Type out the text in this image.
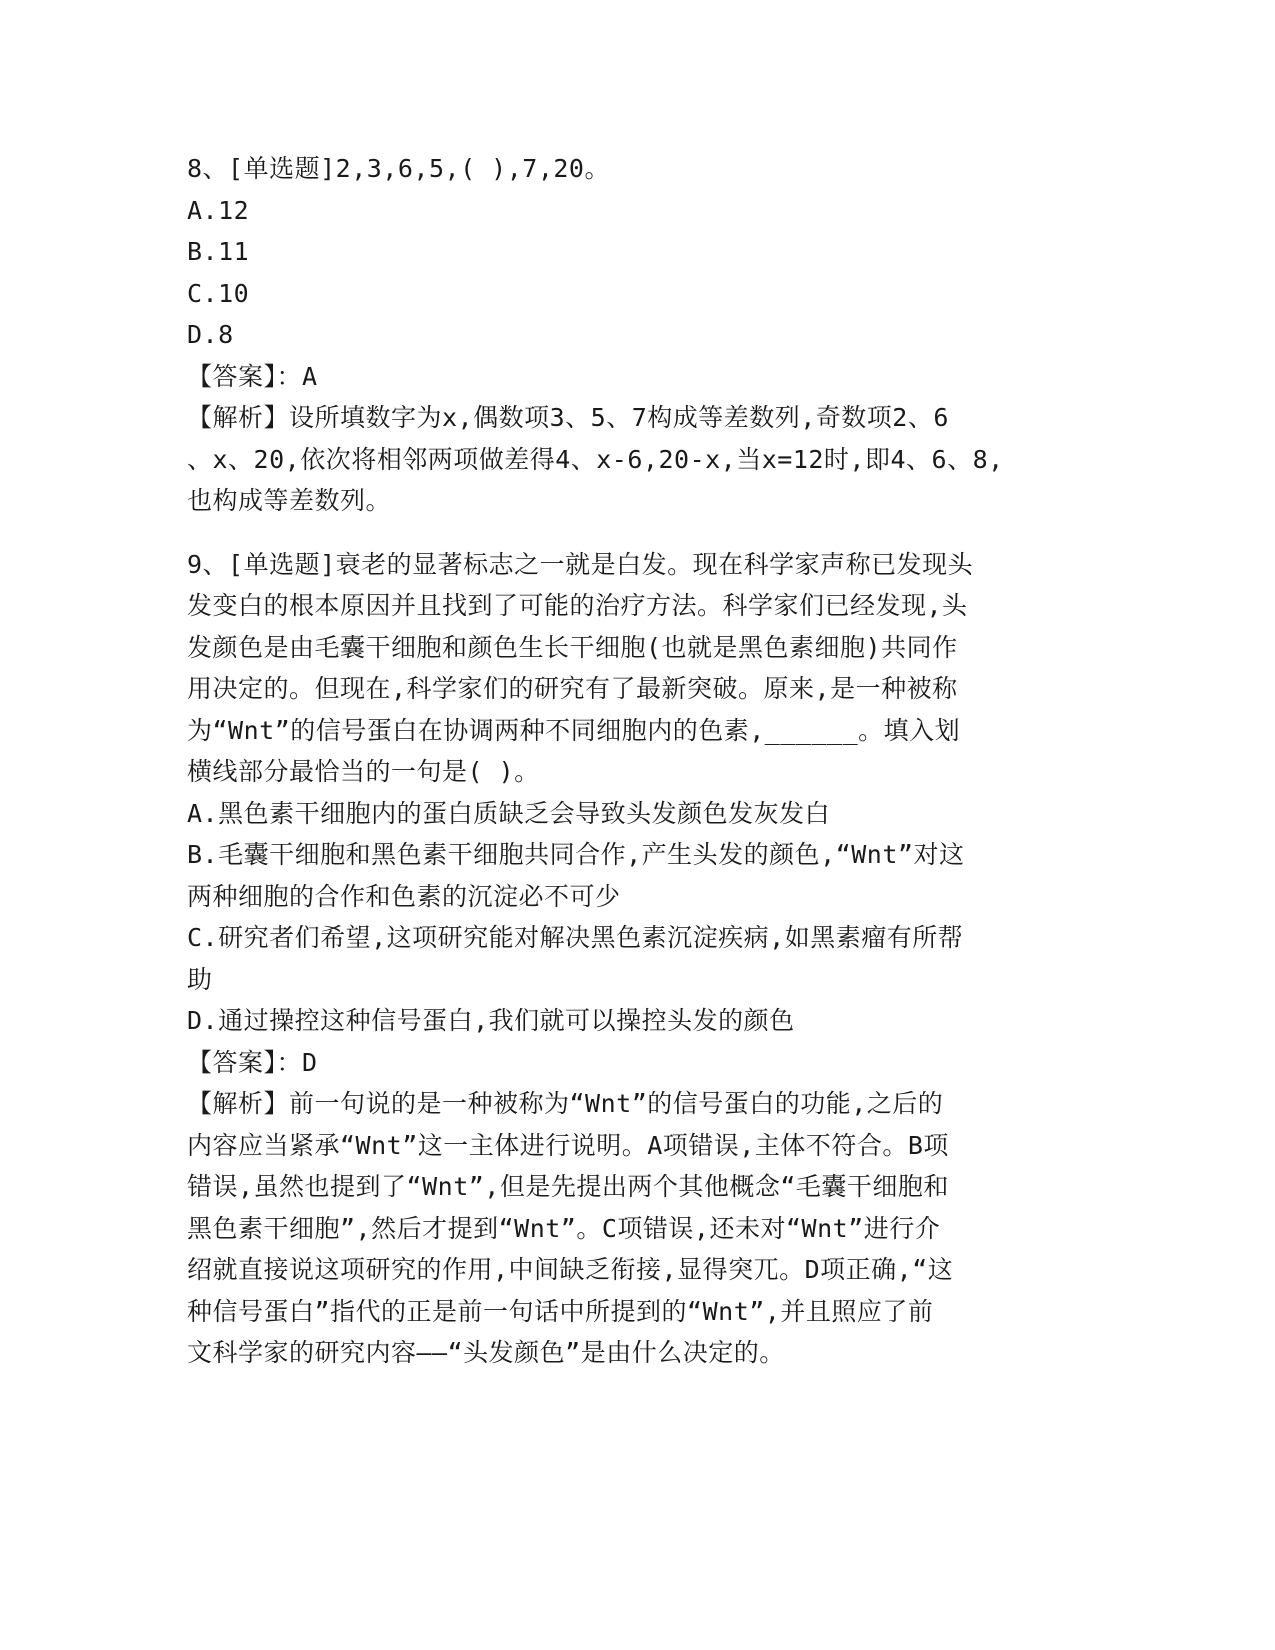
8、[单选题]2,3,6,5,( ),7,20。
A.12
B.11
C.10
D.8
【答案】：A
【解析】设所填数字为x,偶数项3、5、7构成等差数列,奇数项2、6
、x、20,依次将相邻两项做差得4、x-6,20-x,当x=12时,即4、6、8,
也构成等差数列。
9、[单选题]衰老的显著标志之一就是白发。现在科学家声称已发现头
发变白的根本原因并且找到了可能的治疗方法。科学家们已经发现,头
发颜色是由毛囊干细胞和颜色生长干细胞(也就是黑色素细胞)共同作
用决定的。但现在,科学家们的研究有了最新突破。原来,是一种被称
为“Wnt”的信号蛋白在协调两种不同细胞内的色素,______。填入划
横线部分最恰当的一句是( )。
A.黑色素干细胞内的蛋白质缺乏会导致头发颜色发灰发白
B.毛囊干细胞和黑色素干细胞共同合作,产生头发的颜色,“Wnt”对这
两种细胞的合作和色素的沉淀必不可少
C.研究者们希望,这项研究能对解决黑色素沉淀疾病,如黑素瘤有所帮
助
D.通过操控这种信号蛋白,我们就可以操控头发的颜色
【答案】：D
【解析】前一句说的是一种被称为“Wnt”的信号蛋白的功能,之后的
内容应当紧承“Wnt”这一主体进行说明。A项错误,主体不符合。B项
错误,虽然也提到了“Wnt”,但是先提出两个其他概念“毛囊干细胞和
黑色素干细胞”,然后才提到“Wnt”。C项错误,还未对“Wnt”进行介
绍就直接说这项研究的作用,中间缺乏衔接,显得突兀。D项正确,“这
种信号蛋白”指代的正是前一句话中所提到的“Wnt”,并且照应了前
文科学家的研究内容——“头发颜色”是由什么决定的。
